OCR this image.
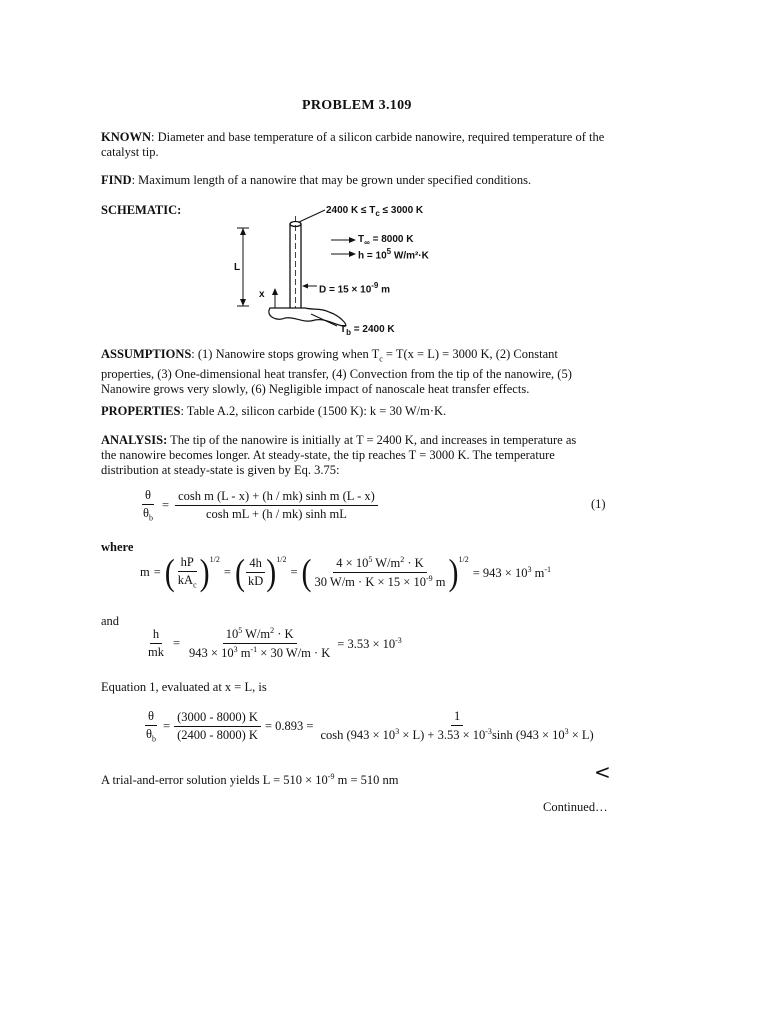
PROBLEM 3.109
KNOWN: Diameter and base temperature of a silicon carbide nanowire, required temperature of the catalyst tip.
FIND: Maximum length of a nanowire that may be grown under specified conditions.
SCHEMATIC:	2400 $K \le T_c \le 3000$ K
$T_\infty = 8000$ K
$h = 10^5$ W/m²·K
L
x	$D = 15 \times 10^{-9}$ m
$T_b = 2400$ K
ASSUMPTIONS: (1) Nanowire stops growing when $T_c = T(x = L) = 3000$ K, (2) Constant
properties, (3) One-dimensional heat transfer, (4) Convection from the tip of the nanowire, (5)
Nanowire grows very slowly, (6) Negligible impact of nanoscale heat transfer effects.
PROPERTIES: Table A.2, silicon carbide (1500 K): k = 30 W/m·K.
ANALYSIS: The tip of the nanowire is initially at T = 2400 K, and increases in temperature as
the nanowire becomes longer. At steady-state, the tip reaches T = 3000 K. The temperature
distribution at steady-state is given by Eq. 3.75:
$\frac{\theta}{\theta_b} = \frac{\text{cosh m (L - x) + (h / mk) sinh m (L - x)}}{\text{cosh mL + (h / mk) sinh mL}}$	(1)
where
m = ( $\frac{hP}{kA_c} )^{1/2}$
= ( $\frac{4h}{kD} )^{1/2}$
= ( $\frac{4 \times 10^5 W/m^2 \cdot K}{30 W/m \cdot K \times 15 \times 10^{-9} m} )^{1/2}$
= $943 \times 10^3$ $m^{-1}$
and
$\frac{h}{mk} = \frac{10^5 W/m^2 \cdot K}{943 \times 10^3 m^{-1} \times 30 W/m \cdot K} = 3.53 \times 10^{-3}$
Equation 1, evaluated at x = L, is
$\frac{\theta}{\theta_b} = \frac{(3000 - 8000) K}{(2400 - 8000) K} = 0.893 = \frac{1}{\cosh (943 \times 10^3 \times L) + 3.53 \times 10^{-3}\sinh (943 \times 10^3 \times L)}$
A trial-and-error solution yields $L = 510 \times 10^{-9}$ m = 510 nm	<
Continued…
